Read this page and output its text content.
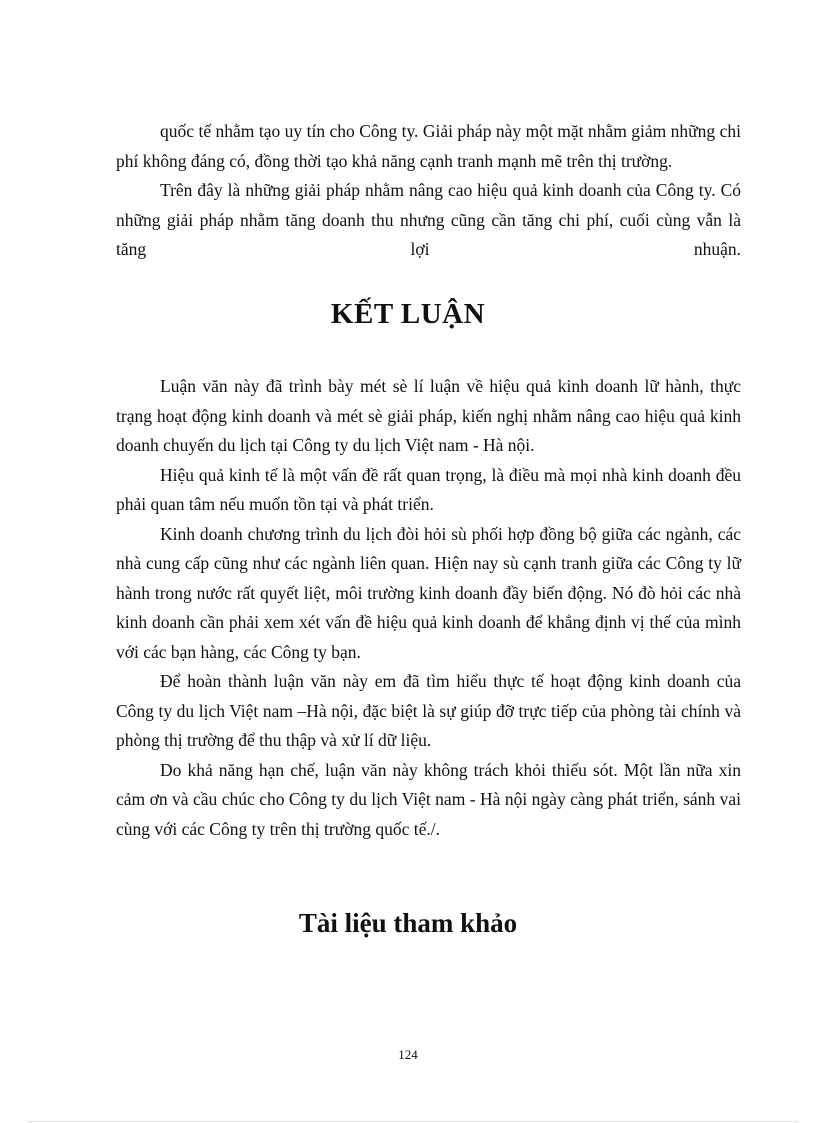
quốc tế nhằm tạo uy tín cho Công ty. Giải pháp này một mặt nhằm giảm những chi phí không đáng có, đồng thời tạo khả năng cạnh tranh mạnh mẽ trên thị trường.

Trên đây là những giải pháp nhằm nâng cao hiệu quả kinh doanh của Công ty. Có những giải pháp nhằm tăng doanh thu nhưng cũng cần tăng chi phí, cuối cùng vẫn là tăng lợi nhuận.

KẾT LUẬN

Luận văn này đã trình bày mét sè lí luận về hiệu quả kinh doanh lữ hành, thực trạng hoạt động kinh doanh và mét sè giải pháp, kiến nghị nhằm nâng cao hiệu quả kinh doanh chuyến du lịch tại Công ty du lịch Việt nam - Hà nội.

Hiệu quả kinh tế là một vấn đề rất quan trọng, là điều mà mọi nhà kinh doanh đều phải quan tâm nếu muốn tồn tại và phát triển.

Kinh doanh chương trình du lịch đòi hỏi sù phối hợp đồng bộ giữa các ngành, các nhà cung cấp cũng như các ngành liên quan. Hiện nay sù cạnh tranh giữa các Công ty lữ hành trong nước rất quyết liệt, môi trường kinh doanh đầy biến động. Nó đò hỏi các nhà kinh doanh cần phải xem xét vấn đề hiệu quả kinh doanh để khẳng định vị thế của mình với các bạn hàng, các Công ty bạn.

Để hoàn thành luận văn này em đã tìm hiểu thực tế hoạt động kinh doanh của Công ty du lịch Việt nam –Hà nội, đặc biệt là sự giúp đỡ trực tiếp của phòng tài chính và phòng thị trường để thu thập và xử lí dữ liệu.

Do khả năng hạn chế, luận văn này không trách khỏi thiếu sót. Một lần nữa xin cảm ơn và cầu chúc cho Công ty du lịch Việt nam - Hà nội ngày càng phát triển, sánh vai cùng với các Công ty trên thị trường quốc tế./.

Tài liệu tham khảo
124
